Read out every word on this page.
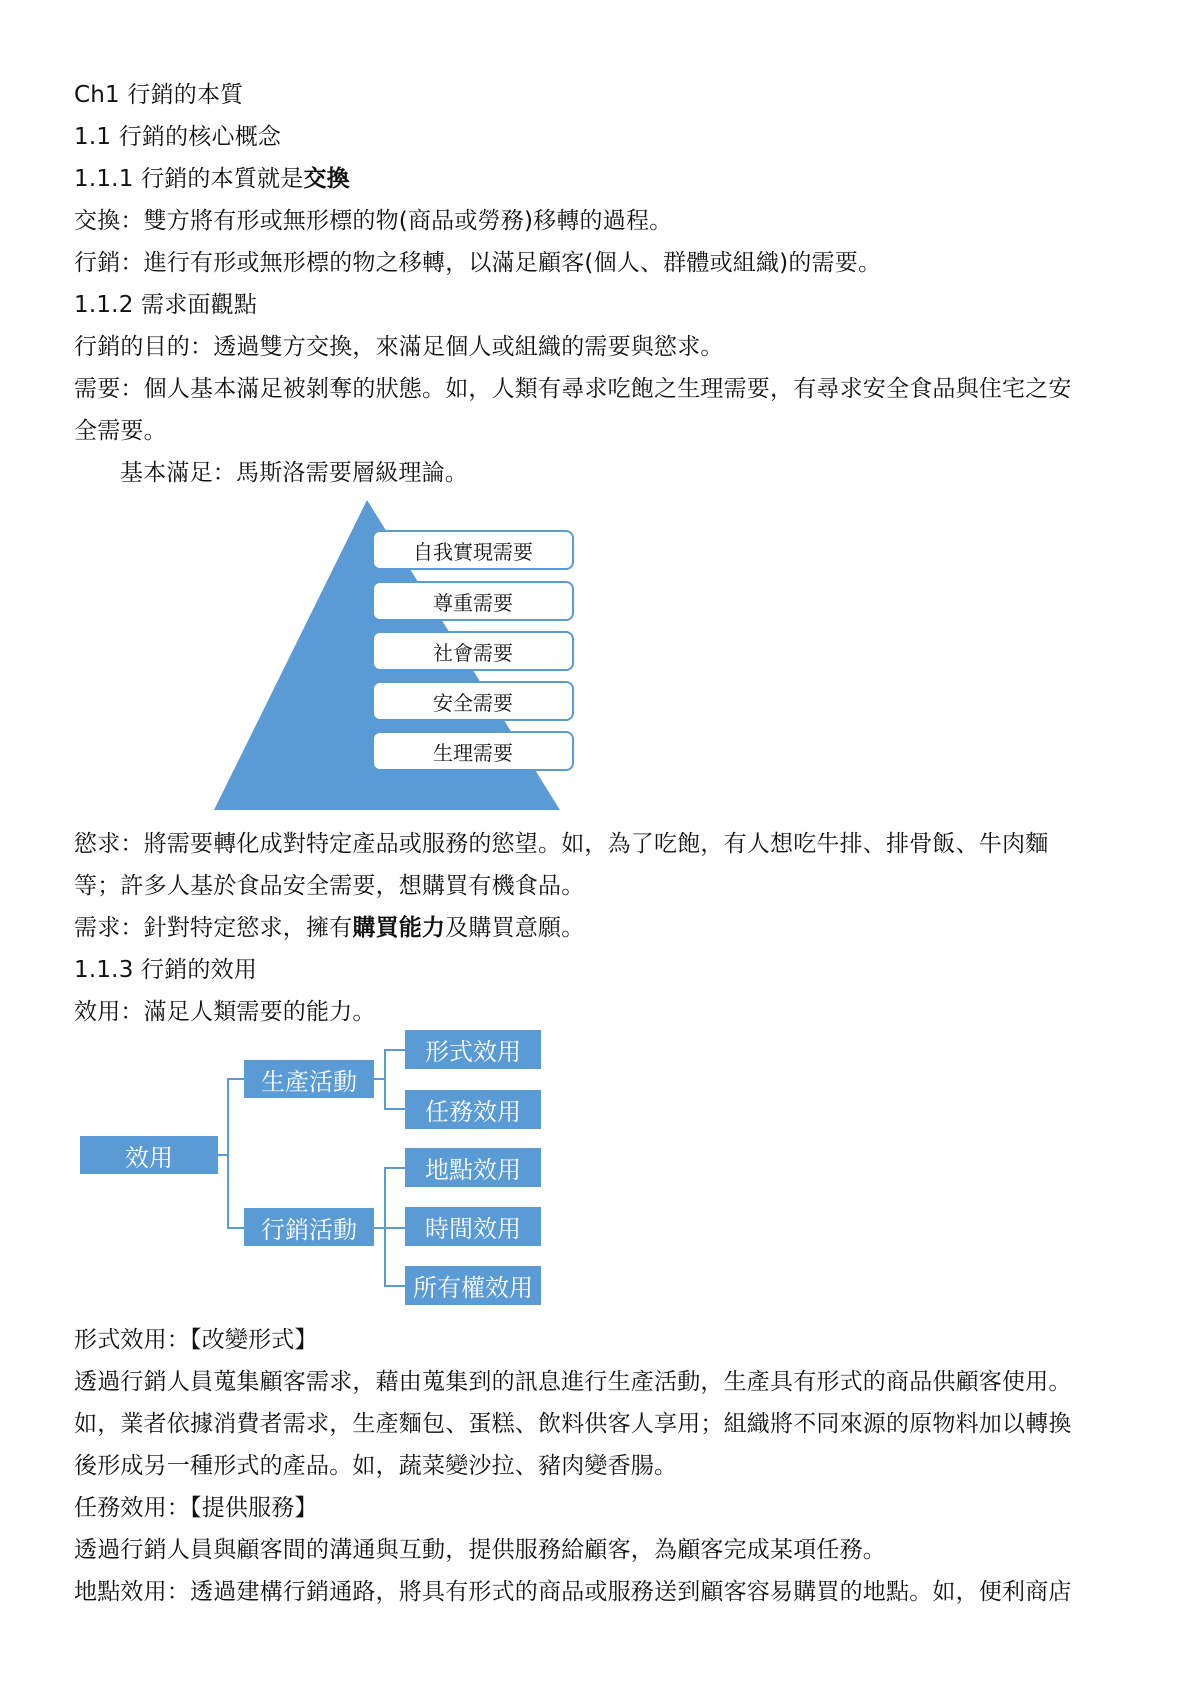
Ch1 行銷的本質
1.1 行銷的核心概念
1.1.1 行銷的本質就是交換
交換：雙方將有形或無形標的物(商品或勞務)移轉的過程。
行銷：進行有形或無形標的物之移轉，以滿足顧客(個人、群體或組織)的需要。
1.1.2 需求面觀點
行銷的目的：透過雙方交換，來滿足個人或組織的需要與慾求。
需要：個人基本滿足被剝奪的狀態。如，人類有尋求吃飽之生理需要，有尋求安全食品與住宅之安
全需要。
基本滿足：馬斯洛需要層級理論。
自我實現需要
尊重需要
社會需要
安全需要
生理需要
慾求：將需要轉化成對特定產品或服務的慾望。如，為了吃飽，有人想吃牛排、排骨飯、牛肉麵
等；許多人基於食品安全需要，想購買有機食品。
需求：針對特定慾求，擁有購買能力及購買意願。
1.1.3 行銷的效用
效用：滿足人類需要的能力。
效用
生產活動
行銷活動
形式效用
任務效用
地點效用
時間效用
所有權效用
形式效用：【改變形式】
透過行銷人員蒐集顧客需求，藉由蒐集到的訊息進行生產活動，生產具有形式的商品供顧客使用。
如，業者依據消費者需求，生產麵包、蛋糕、飲料供客人享用；組織將不同來源的原物料加以轉換
後形成另一種形式的產品。如，蔬菜變沙拉、豬肉變香腸。
任務效用：【提供服務】
透過行銷人員與顧客間的溝通與互動，提供服務給顧客，為顧客完成某項任務。
地點效用：透過建構行銷通路，將具有形式的商品或服務送到顧客容易購買的地點。如，便利商店
